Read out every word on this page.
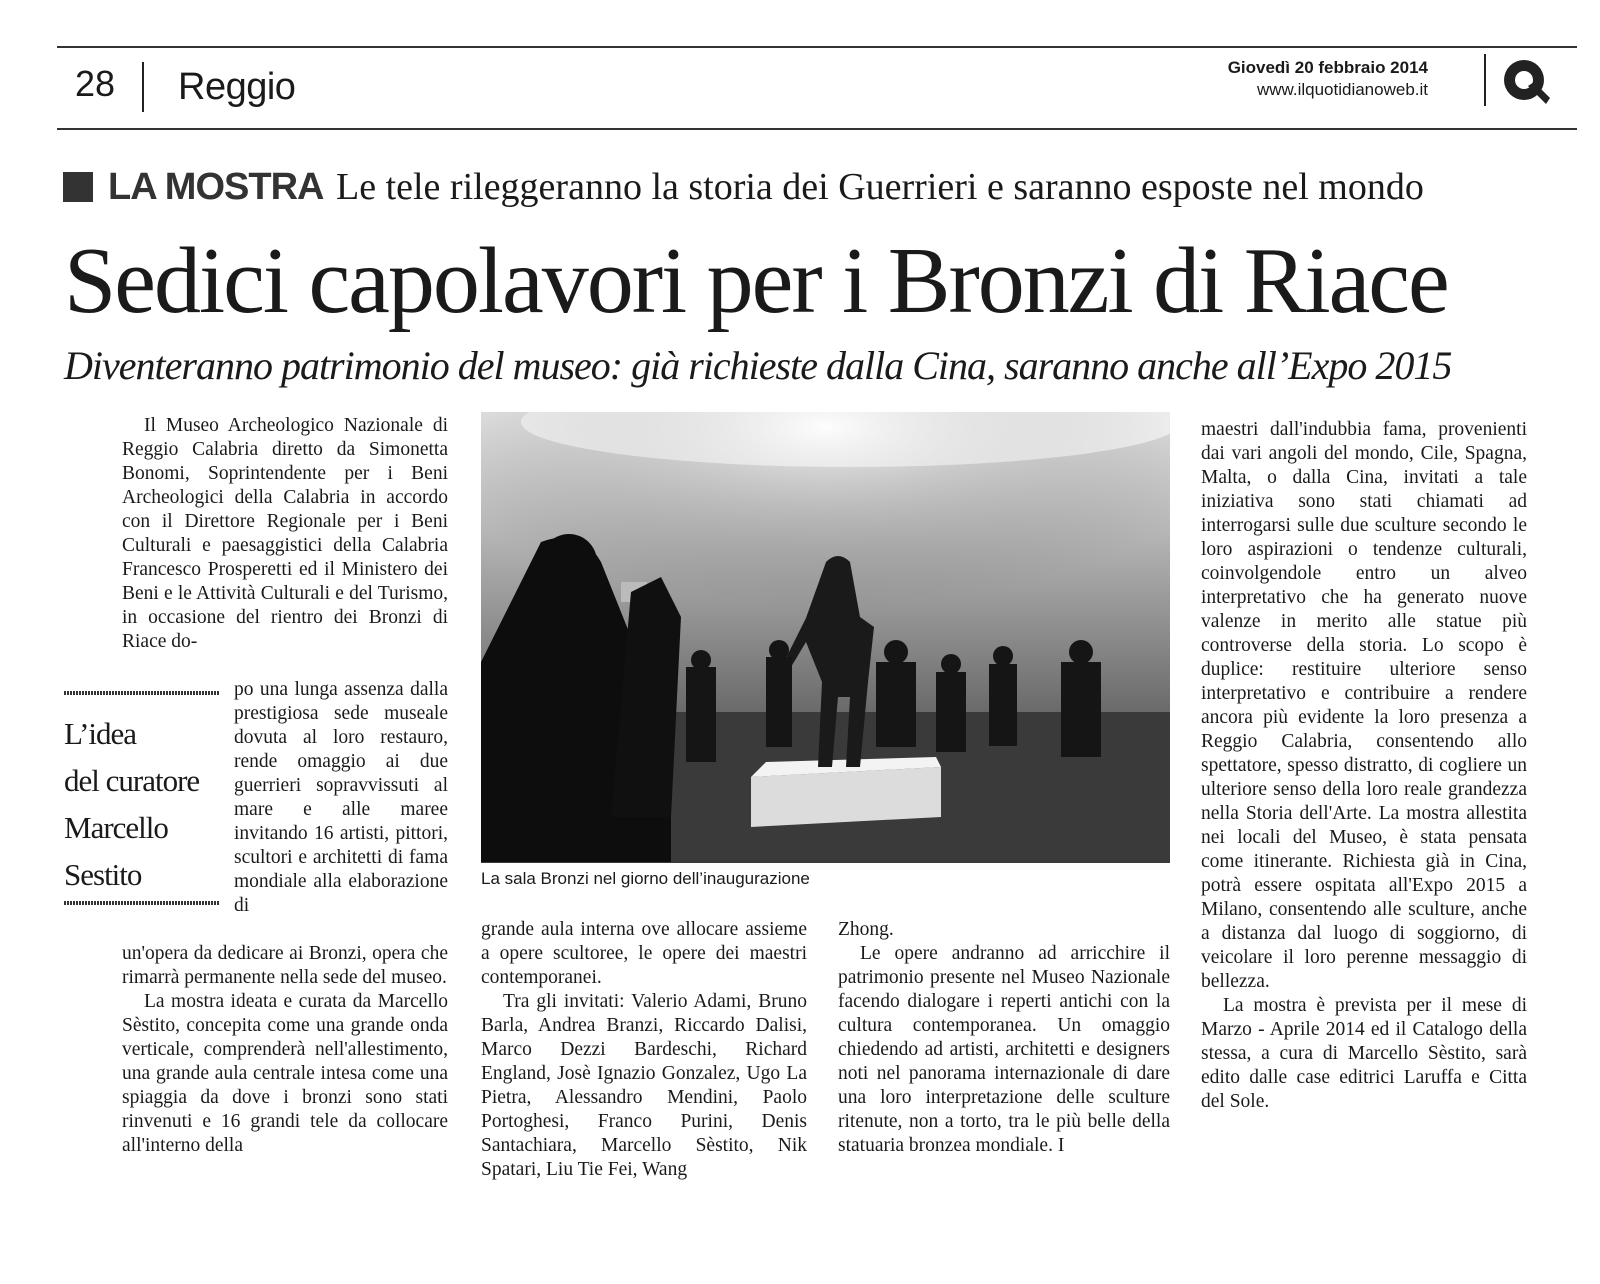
28 Reggio	Giovedì 20 febbraio 2014
www.ilquotidianoweb.it
LA MOSTRA Le tele rileggeranno la storia dei Guerrieri e saranno esposte nel mondo
Sedici capolavori per i Bronzi di Riace
Diventeranno patrimonio del museo: già richieste dalla Cina, saranno anche all’Expo 2015

Il Museo Archeologico Nazionale di Reggio Calabria diretto da Simonetta Bonomi, Soprintendente per i Beni Archeologici della Calabria in accordo con il Direttore Regionale per i Beni Culturali e paesaggistici della Calabria Francesco Prosperetti ed il Ministero dei Beni e le Attività Culturali e del Turismo, in occasione del rientro dei Bronzi di Riace do-

L’idea
del curatore
Marcello
Sestito

po una lunga assenza dalla prestigiosa sede museale dovuta al loro restauro, rende omaggio ai due guerrieri sopravvissuti al mare e alle maree invitando 16 artisti, pittori, scultori e architetti di fama mondiale alla elaborazione di

un'opera da dedicare ai Bronzi, opera che rimarrà permanente nella sede del museo.

La mostra ideata e curata da Marcello Sèstito, concepita come una grande onda verticale, comprenderà nell'allestimento, una grande aula centrale intesa come una spiaggia da dove i bronzi sono stati rinvenuti e 16 grandi tele da collocare all'interno della

La sala Bronzi nel giorno dell’inaugurazione

grande aula interna ove allocare assieme a opere scultoree, le opere dei maestri contemporanei.

Tra gli invitati: Valerio Adami, Bruno Barla, Andrea Branzi, Riccardo Dalisi, Marco Dezzi Bardeschi, Richard England, Josè Ignazio Gonzalez, Ugo La Pietra, Alessandro Mendini, Paolo Portoghesi, Franco Purini, Denis Santachiara, Marcello Sèstito, Nik Spatari, Liu Tie Fei, Wang

Zhong.

Le opere andranno ad arricchire il patrimonio presente nel Museo Nazionale facendo dialogare i reperti antichi con la cultura contemporanea. Un omaggio chiedendo ad artisti, architetti e designers noti nel panorama internazionale di dare una loro interpretazione delle sculture ritenute, non a torto, tra le più belle della statuaria bronzea mondiale. I

maestri dall'indubbia fama, provenienti dai vari angoli del mondo, Cile, Spagna, Malta, o dalla Cina, invitati a tale iniziativa sono stati chiamati ad interrogarsi sulle due sculture secondo le loro aspirazioni o tendenze culturali, coinvolgendole entro un alveo interpretativo che ha generato nuove valenze in merito alle statue più controverse della storia. Lo scopo è duplice: restituire ulteriore senso interpretativo e contribuire a rendere ancora più evidente la loro presenza a Reggio Calabria, consentendo allo spettatore, spesso distratto, di cogliere un ulteriore senso della loro reale grandezza nella Storia dell'Arte. La mostra allestita nei locali del Museo, è stata pensata come itinerante. Richiesta già in Cina, potrà essere ospitata all'Expo 2015 a Milano, consentendo alle sculture, anche a distanza dal luogo di soggiorno, di veicolare il loro perenne messaggio di bellezza.

La mostra è prevista per il mese di Marzo - Aprile 2014 ed il Catalogo della stessa, a cura di Marcello Sèstito, sarà edito dalle case editrici Laruffa e Citta del Sole.
